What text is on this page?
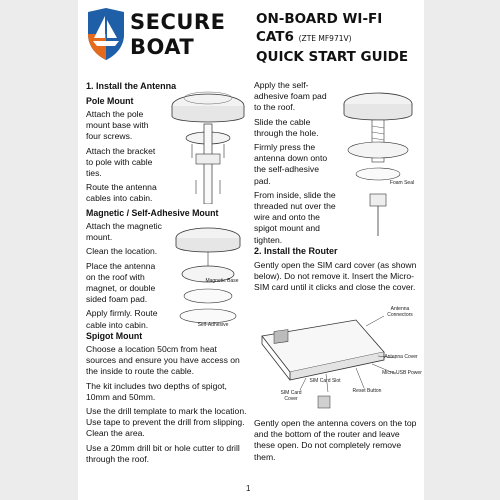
SECURE
BOAT
ON-BOARD WI-FI
CAT6 (ZTE MF971V)
QUICK START GUIDE
1. Install the Antenna
Pole Mount

Attach the pole mount base with four screws.

Attach the bracket to pole with cable ties.

Route the antenna cables into cabin.

Magnetic / Self-Adhesive Mount

Attach the magnetic mount.

Clean the location.

Place the antenna on the roof with magnet, or double sided foam pad.

Apply firmly. Route cable into cabin.

Magnetic Base
Self-Adhesive
Spigot Mount

Choose a location 50cm from heat sources and ensure you have access on the inside to route the cable.

The kit includes two depths of spigot, 10mm and 50mm.

Use the drill template to mark the location. Use tape to prevent the drill from slipping. Clean the area.

Use a 20mm drill bit or hole cutter to drill through the roof.

Apply the self-adhesive foam pad to the roof.

Slide the cable through the hole.

Firmly press the antenna down onto the self-adhesive pad.

From inside, slide the threaded nut over the wire and onto the spigot mount and tighten.

Foam Seal
2. Install the Router

Gently open the SIM card cover (as shown below). Do not remove it. Insert the Micro-SIM card until it clicks and close the cover.

Antenna Connectors
Antenna Cover
Micro-USB Power
SIM Card Slot
SIM Card Cover
Reset Button

Gently open the antenna covers on the top and the bottom of the router and leave these open. Do not completely remove them.

1
